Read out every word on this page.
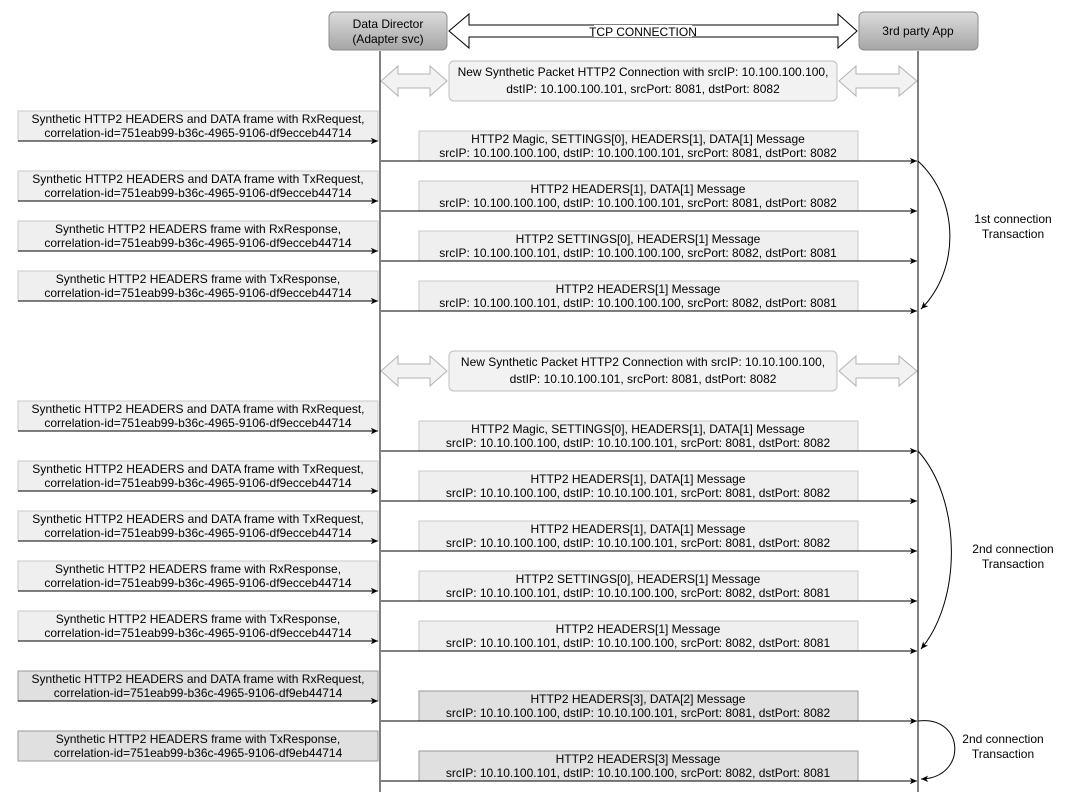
Data Director
(Adapter svc)
3rd party App
TCP CONNECTION
New Synthetic Packet HTTP2 Connection with srcIP: 10.100.100.100,
dstIP: 10.100.100.101, srcPort: 8081, dstPort: 8082
New Synthetic Packet HTTP2 Connection with srcIP: 10.10.100.100,
dstIP: 10.10.100.101, srcPort: 8081, dstPort: 8082
Synthetic HTTP2 HEADERS and DATA frame with RxRequest,
correlation-id=751eab99-b36c-4965-9106-df9ecceb44714
Synthetic HTTP2 HEADERS and DATA frame with TxRequest,
correlation-id=751eab99-b36c-4965-9106-df9ecceb44714
Synthetic HTTP2 HEADERS frame with RxResponse,
correlation-id=751eab99-b36c-4965-9106-df9ecceb44714
Synthetic HTTP2 HEADERS frame with TxResponse,
correlation-id=751eab99-b36c-4965-9106-df9ecceb44714
Synthetic HTTP2 HEADERS and DATA frame with RxRequest,
correlation-id=751eab99-b36c-4965-9106-df9ecceb44714
Synthetic HTTP2 HEADERS and DATA frame with TxRequest,
correlation-id=751eab99-b36c-4965-9106-df9ecceb44714
Synthetic HTTP2 HEADERS and DATA frame with TxRequest,
correlation-id=751eab99-b36c-4965-9106-df9ecceb44714
Synthetic HTTP2 HEADERS frame with RxResponse,
correlation-id=751eab99-b36c-4965-9106-df9ecceb44714
Synthetic HTTP2 HEADERS frame with TxResponse,
correlation-id=751eab99-b36c-4965-9106-df9ecceb44714
Synthetic HTTP2 HEADERS and DATA frame with RxRequest,
correlation-id=751eab99-b36c-4965-9106-df9eb44714
Synthetic HTTP2 HEADERS frame with TxResponse,
correlation-id=751eab99-b36c-4965-9106-df9eb44714
HTTP2 Magic, SETTINGS[0], HEADERS[1], DATA[1] Message
srcIP: 10.100.100.100, dstIP: 10.100.100.101, srcPort: 8081, dstPort: 8082
HTTP2 HEADERS[1], DATA[1] Message
srcIP: 10.100.100.100, dstIP: 10.100.100.101, srcPort: 8081, dstPort: 8082
HTTP2 SETTINGS[0], HEADERS[1] Message
srcIP: 10.100.100.101, dstIP: 10.100.100.100, srcPort: 8082, dstPort: 8081
HTTP2 HEADERS[1] Message
srcIP: 10.100.100.101, dstIP: 10.100.100.100, srcPort: 8082, dstPort: 8081
HTTP2 Magic, SETTINGS[0], HEADERS[1], DATA[1] Message
srcIP: 10.10.100.100, dstIP: 10.10.100.101, srcPort: 8081, dstPort: 8082
HTTP2 HEADERS[1], DATA[1] Message
srcIP: 10.10.100.100, dstIP: 10.10.100.101, srcPort: 8081, dstPort: 8082
HTTP2 HEADERS[1], DATA[1] Message
srcIP: 10.10.100.100, dstIP: 10.10.100.101, srcPort: 8081, dstPort: 8082
HTTP2 SETTINGS[0], HEADERS[1] Message
srcIP: 10.10.100.101, dstIP: 10.10.100.100, srcPort: 8082, dstPort: 8081
HTTP2 HEADERS[1] Message
srcIP: 10.10.100.101, dstIP: 10.10.100.100, srcPort: 8082, dstPort: 8081
HTTP2 HEADERS[3], DATA[2] Message
srcIP: 10.10.100.100, dstIP: 10.10.100.101, srcPort: 8081, dstPort: 8082
HTTP2 HEADERS[3] Message
srcIP: 10.10.100.101, dstIP: 10.10.100.100, srcPort: 8082, dstPort: 8081
1st connection
Transaction
2nd connection
Transaction
2nd connection
Transaction
